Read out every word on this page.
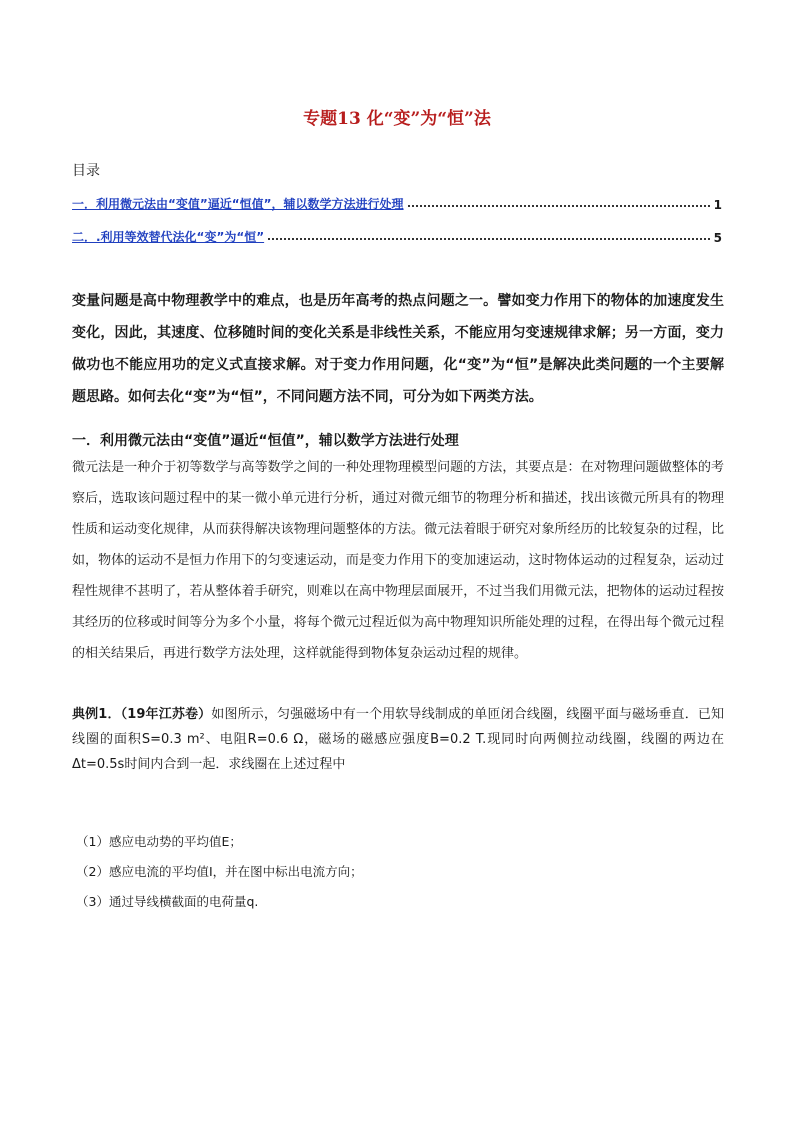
专题13 化“变”为“恒”法
目录
一．利用微元法由“变值”逼近“恒值”，辅以数学方法进行处理	1
二．.利用等效替代法化“变”为“恒”	5
变量问题是高中物理教学中的难点，也是历年高考的热点问题之一。譬如变力作用下的物体的加速度发生变化，因此，其速度、位移随时间的变化关系是非线性关系，不能应用匀变速规律求解；另一方面，变力做功也不能应用功的定义式直接求解。对于变力作用问题，化“变”为“恒”是解决此类问题的一个主要解题思路。如何去化“变”为“恒”，不同问题方法不同，可分为如下两类方法。
一．利用微元法由“变值”逼近“恒值”，辅以数学方法进行处理
微元法是一种介于初等数学与高等数学之间的一种处理物理模型问题的方法，其要点是：在对物理问题做整体的考察后，选取该问题过程中的某一微小单元进行分析，通过对微元细节的物理分析和描述，找出该微元所具有的物理性质和运动变化规律，从而获得解决该物理问题整体的方法。微元法着眼于研究对象所经历的比较复杂的过程，比如，物体的运动不是恒力作用下的匀变速运动，而是变力作用下的变加速运动，这时物体运动的过程复杂，运动过程性规律不甚明了，若从整体着手研究，则难以在高中物理层面展开，不过当我们用微元法，把物体的运动过程按其经历的位移或时间等分为多个小量，将每个微元过程近似为高中物理知识所能处理的过程，在得出每个微元过程的相关结果后，再进行数学方法处理，这样就能得到物体复杂运动过程的规律。
典例1．（19年江苏卷）如图所示，匀强磁场中有一个用软导线制成的单匝闭合线圈，线圈平面与磁场垂直．已知线圈的面积S=0.3 m²、电阻R=0.6 Ω，磁场的磁感应强度B=0.2 T.现同时向两侧拉动线圈，线圈的两边在Δt=0.5s时间内合到一起．求线圈在上述过程中
（1）感应电动势的平均值E；
（2）感应电流的平均值I，并在图中标出电流方向；
（3）通过导线横截面的电荷量q.
